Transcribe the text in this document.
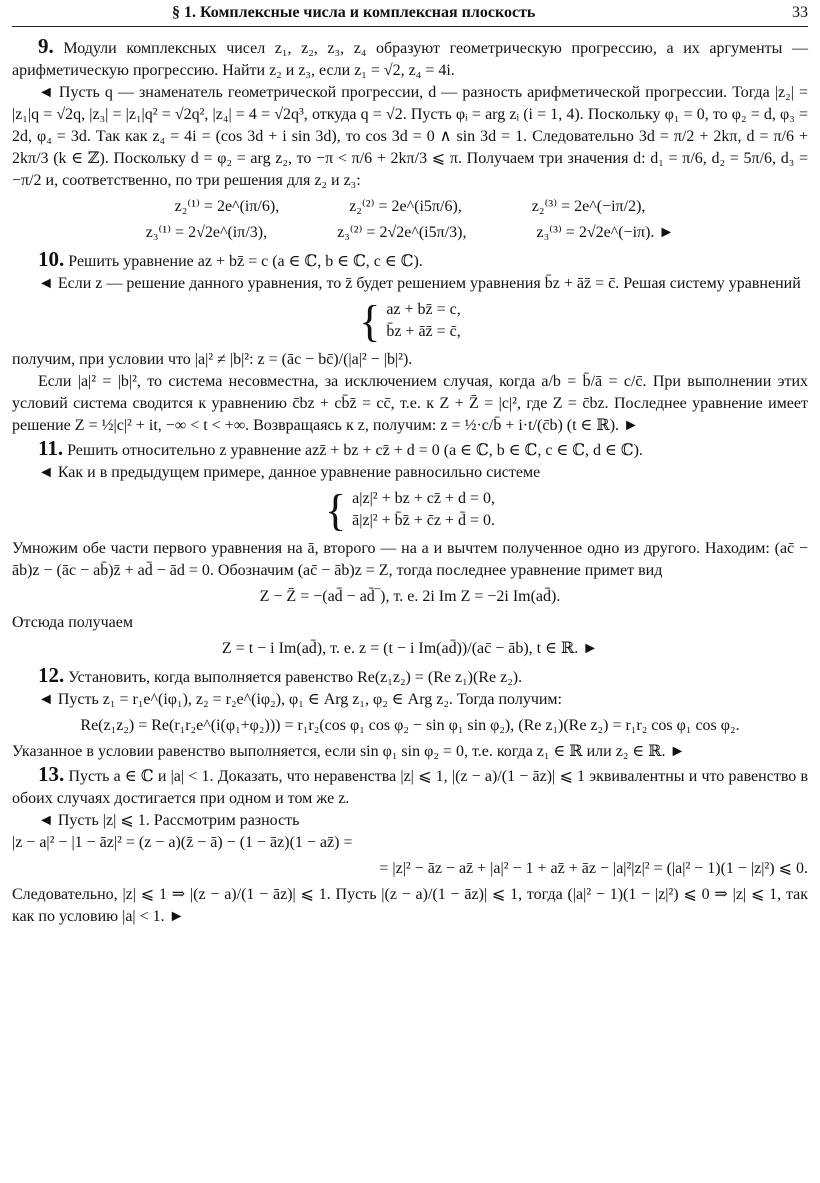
§ 1. Комплексные числа и комплексная плоскость	33

9. Модули комплексных чисел z₁, z₂, z₃, z₄ образуют геометрическую прогрессию, а их аргументы — арифметическую прогрессию. Найти z₂ и z₃, если z₁ = √2, z₄ = 4i.

◄ Пусть q — знаменатель геометрической прогрессии, d — разность арифметической прогрессии. Тогда |z₂| = |z₁|q = √2q, |z₃| = |z₁|q² = √2q², |z₄| = 4 = √2q³, откуда q = √2. Пусть φᵢ = arg zᵢ (i = 1, 4). Поскольку φ₁ = 0, то φ₂ = d, φ₃ = 2d, φ₄ = 3d. Так как z₄ = 4i = (cos 3d + i sin 3d), то cos 3d = 0 ∧ sin 3d = 1. Следовательно 3d = π/2 + 2kπ, d = π/6 + 2kπ/3 (k ∈ ℤ). Поскольку d = φ₂ = arg z₂, то −π < π/6 + 2kπ/3 ⩽ π. Получаем три значения d: d₁ = π/6, d₂ = 5π/6, d₃ = −π/2 и, соответственно, по три решения для z₂ и z₃:

z₂⁽¹⁾ = 2e^(iπ/6),	z₂⁽²⁾ = 2e^(i5π/6),	z₂⁽³⁾ = 2e^(−iπ/2),
z₃⁽¹⁾ = 2√2e^(iπ/3),	z₃⁽²⁾ = 2√2e^(i5π/3),	z₃⁽³⁾ = 2√2e^(−iπ). ►

10. Решить уравнение az + bz̄ = c (a ∈ ℂ, b ∈ ℂ, c ∈ ℂ).

◄ Если z — решение данного уравнения, то z̄ будет решением уравнения b̄z + āz̄ = c̄. Решая систему уравнений

{ az + bz̄ = c,
b̄z + āz̄ = c̄,

получим, при условии что |a|² ≠ |b|²: z = (āc − bc̄)/(|a|² − |b|²).

Если |a|² = |b|², то система несовместна, за исключением случая, когда a/b = b̄/ā = c/c̄. При выполнении этих условий система сводится к уравнению c̄bz + cb̄z̄ = cc̄, т.е. к Z + Z̄ = |c|², где Z = c̄bz. Последнее уравнение имеет решение Z = ½|c|² + it, −∞ < t < +∞. Возвращаясь к z, получим: z = ½·c/b̄ + i·t/(c̄b) (t ∈ ℝ). ►

11. Решить относительно z уравнение azz̄ + bz + cz̄ + d = 0 (a ∈ ℂ, b ∈ ℂ, c ∈ ℂ, d ∈ ℂ).

◄ Как и в предыдущем примере, данное уравнение равносильно системе

{ a|z|² + bz + cz̄ + d = 0,
ā|z|² + b̄z̄ + c̄z + d̄ = 0.

Умножим обе части первого уравнения на ā, второго — на a и вычтем полученное одно из другого. Находим: (ac̄ − āb)z − (āc − ab̄)z̄ + ad̄ − ād = 0. Обозначим (ac̄ − āb)z = Z, тогда последнее уравнение примет вид

Z − Z̄ = −(ad̄ − ad̄‾), т. е. 2i Im Z = −2i Im(ad̄).

Отсюда получаем

Z = t − i Im(ad̄), т. е. z = (t − i Im(ad̄))/(ac̄ − āb), t ∈ ℝ. ►

12. Установить, когда выполняется равенство Re(z₁z₂) = (Re z₁)(Re z₂).

◄ Пусть z₁ = r₁e^(iφ₁), z₂ = r₂e^(iφ₂), φ₁ ∈ Arg z₁, φ₂ ∈ Arg z₂. Тогда получим:

Re(z₁z₂) = Re(r₁r₂e^(i(φ₁+φ₂))) = r₁r₂(cos φ₁ cos φ₂ − sin φ₁ sin φ₂), (Re z₁)(Re z₂) = r₁r₂ cos φ₁ cos φ₂.

Указанное в условии равенство выполняется, если sin φ₁ sin φ₂ = 0, т.е. когда z₁ ∈ ℝ или z₂ ∈ ℝ. ►

13. Пусть a ∈ ℂ и |a| < 1. Доказать, что неравенства |z| ⩽ 1, |(z − a)/(1 − āz)| ⩽ 1 эквивалентны и что равенство в обоих случаях достигается при одном и том же z.

◄ Пусть |z| ⩽ 1. Рассмотрим разность

|z − a|² − |1 − āz|² = (z − a)(z̄ − ā) − (1 − āz)(1 − az̄) =
= |z|² − āz − az̄ + |a|² − 1 + az̄ + āz − |a|²|z|² = (|a|² − 1)(1 − |z|²) ⩽ 0.

Следовательно, |z| ⩽ 1 ⇒ |(z − a)/(1 − āz)| ⩽ 1. Пусть |(z − a)/(1 − āz)| ⩽ 1, тогда (|a|² − 1)(1 − |z|²) ⩽ 0 ⇒ |z| ⩽ 1, так как по условию |a| < 1. ►
